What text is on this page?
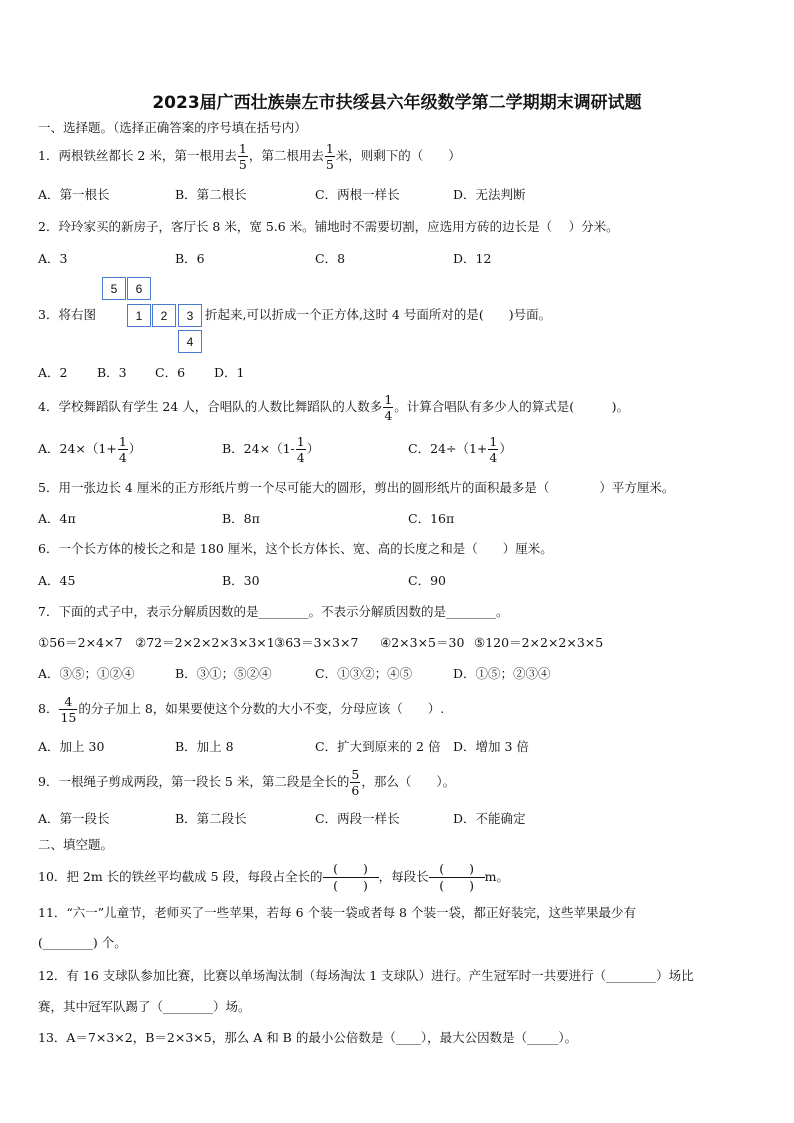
2023届广西壮族崇左市扶绥县六年级数学第二学期期末调研试题
一、选择题。（选择正确答案的序号填在括号内）
1．两根铁丝都长 2 米，第一根用去 $\frac{1}{5}$ ，第二根用去 $\frac{1}{5}$ 米，则剩下的（　　）
A．第一根长	B．第二根长	C．两根一样长	D．无法判断
2．玲玲家买的新房子，客厅长 8 米，宽 5.6 米。铺地时不需要切割，应选用方砖的边长是（　 ）分米。
A．3	B．6	C．8	D．12
3．将右图
5	6
1	2	3
4
折起来,可以折成一个正方体,这时 4 号面所对的是(　　)号面。
A．2 B．3 C．6 D．1
4．学校舞蹈队有学生 24 人，合唱队的人数比舞蹈队的人数多 $\frac{1}{4}$ 。计算合唱队有多少人的算式是(　　　)。
A．$24\times(1+ \frac{1}{4}$ ）	B．$24\times(1- \frac{1}{4}$ ）	C．$24\div(1+ \frac{1}{4}$ ）
5．用一张边长 4 厘米的正方形纸片剪一个尽可能大的圆形，剪出的圆形纸片的面积最多是（　　　　）平方厘米。
A．4π	B．8π	C．16π
6．一个长方体的棱长之和是 180 厘米，这个长方体长、宽、高的长度之和是（　　）厘米。
A．45	B．30	C．90
7．下面的式子中，表示分解质因数的是________。不表示分解质因数的是________。
①56＝2×4×7 ②72＝2×2×2×3×3×1 ③63＝3×3×7 ④2×3×5＝30 ⑤120＝2×2×2×3×5
A．③⑤；①②④	B．③①；⑤②④	C．①③②；④⑤	D．①⑤；②③④
8． $\frac{4}{15}$ 的分子加上 8，如果要使这个分数的大小不变，分母应该（　　）.
A．加上 30	B．加上 8	C．扩大到原来的 2 倍 D．增加 3 倍
9．一根绳子剪成两段，第一段长 5 米，第二段是全长的 $\frac{5}{6}$ ，那么（　　）。
A．第一段长	B．第二段长	C．两段一样长	D．不能确定
二、填空题。
10．把 2m 长的铁丝平均截成 5 段，每段占全长的
(　　)
(　　)
，每段长
(　　)
(　　)
m。
11．“六一”儿童节，老师买了一些苹果，若每 6 个装一袋或者每 8 个装一袋，都正好装完，这些苹果最少有
(________) 个。
12．有 16 支球队参加比赛，比赛以单场淘汰制（每场淘汰 1 支球队）进行。产生冠军时一共要进行（________）场比
赛，其中冠军队踢了（________）场。
13．A＝7×3×2，B＝2×3×5，那么 A 和 B 的最小公倍数是（____），最大公因数是（_____）。
